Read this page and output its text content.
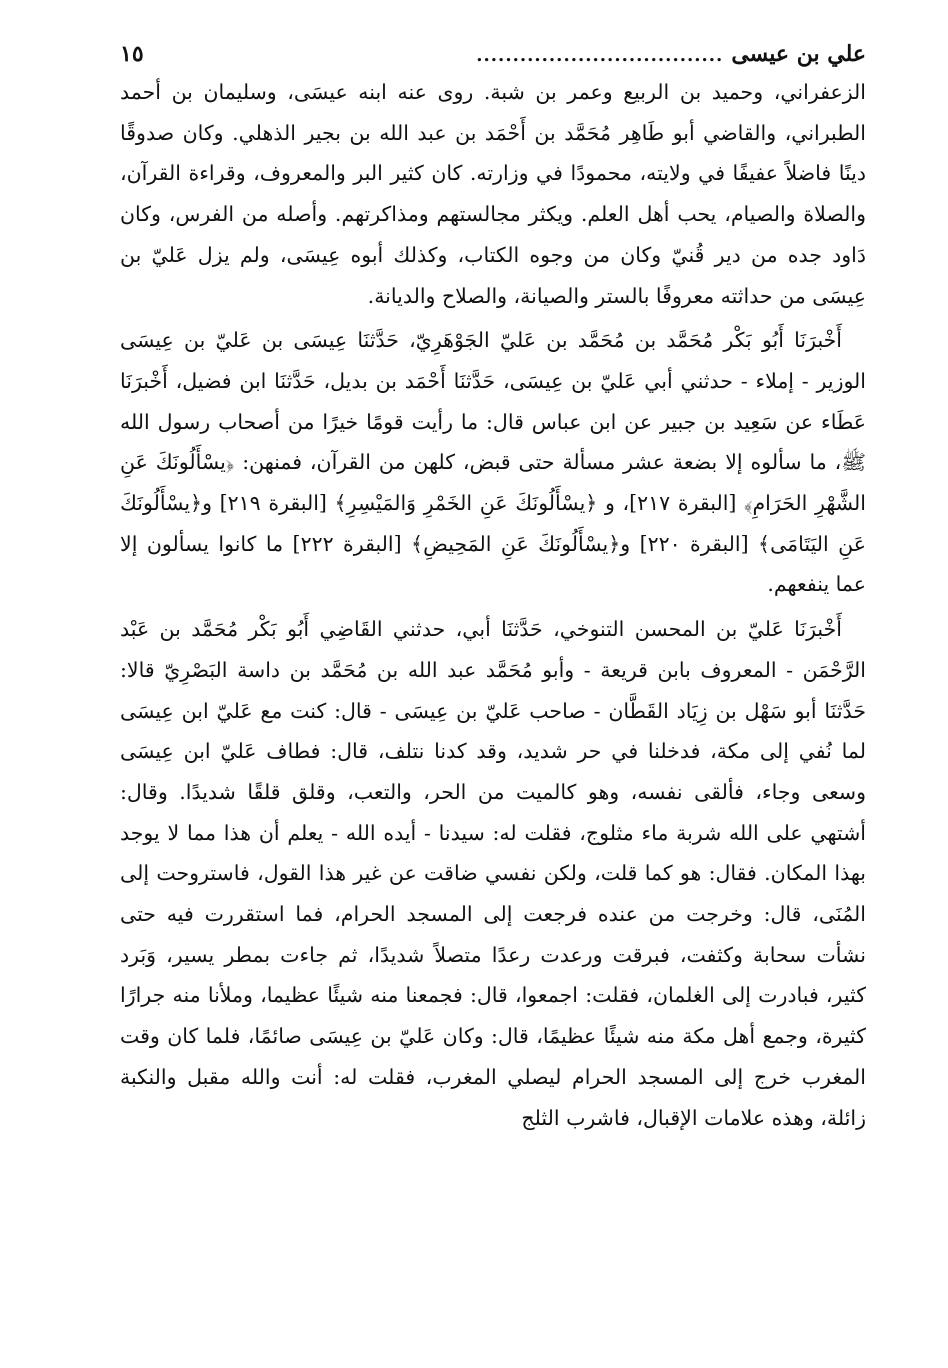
علي بن عيسى
..................................
١٥

الزعفراني، وحميد بن الربيع وعمر بن شبة. روى عنه ابنه عيسَى، وسليمان بن أحمد الطبراني، والقاضي أبو طَاهِر مُحَمَّد بن أَحْمَد بن عبد الله بن بجير الذهلي. وكان صدوقًا دينًا فاضلاً عفيفًا في ولايته، محمودًا في وزارته. كان كثير البر والمعروف، وقراءة القرآن، والصلاة والصيام، يحب أهل العلم. ويكثر مجالستهم ومذاكرتهم. وأصله من الفرس، وكان دَاود جده من دير قُنيّ وكان من وجوه الكتاب، وكذلك أبوه عِيسَى، ولم يزل عَليّ بن عِيسَى من حداثته معروفًا بالستر والصيانة، والصلاح والديانة.

أَخْبرَنَا أَبُو بَكْر مُحَمَّد بن مُحَمَّد بن عَليّ الجَوْهَرِيّ، حَدَّثنَا عِيسَى بن عَليّ بن عِيسَى الوزير - إملاء - حدثني أبي عَليّ بن عِيسَى، حَدَّثنَا أَحْمَد بن بديل، حَدَّثنَا ابن فضيل، أَخْبرَنَا عَطَاء عن سَعِيد بن جبير عن ابن عباس قال: ما رأيت قومًا خيرًا من أصحاب رسول الله ﷺ، ما سألوه إلا بضعة عشر مسألة حتى قبض، كلهن من القرآن، فمنهن: ﴿يسْأَلُونَكَ عَنِ الشَّهْرِ الحَرَامِ﴾ [البقرة ٢١٧]، و ﴿يسْأَلُونَكَ عَنِ الخَمْرِ وَالمَيْسِرِ﴾ [البقرة ٢١٩] و﴿يسْأَلُونَكَ عَنِ اليَتَامَى﴾ [البقرة ٢٢٠] و﴿يسْأَلُونَكَ عَنِ المَحِيضِ﴾ [البقرة ٢٢٢] ما كانوا يسألون إلا عما ينفعهم.

أَخْبرَنَا عَليّ بن المحسن التنوخي، حَدَّثنَا أبي، حدثني القَاضِي أَبُو بَكْر مُحَمَّد بن عَبْد الرَّحْمَن - المعروف بابن قريعة - وأبو مُحَمَّد عبد الله بن مُحَمَّد بن داسة البَصْرِيّ قالا: حَدَّثنَا أبو سَهْل بن زِيَاد القَطَّان - صاحب عَليّ بن عِيسَى - قال: كنت مع عَليّ ابن عِيسَى لما نُفي إلى مكة، فدخلنا في حر شديد، وقد كدنا نتلف، قال: فطاف عَليّ ابن عِيسَى وسعى وجاء، فألقى نفسه، وهو كالميت من الحر، والتعب، وقلق قلقًا شديدًا. وقال: أشتهي على الله شربة ماء مثلوج، فقلت له: سيدنا - أيده الله - يعلم أن هذا مما لا يوجد بهذا المكان. فقال: هو كما قلت، ولكن نفسي ضاقت عن غير هذا القول، فاستروحت إلى المُنَى، قال: وخرجت من عنده فرجعت إلى المسجد الحرام، فما استقررت فيه حتى نشأت سحابة وكثفت، فبرقت ورعدت رعدًا متصلاً شديدًا، ثم جاءت بمطر يسير، وَبَرد كثير، فبادرت إلى الغلمان، فقلت: اجمعوا، قال: فجمعنا منه شيئًا عظيما، وملأنا منه جرارًا كثيرة، وجمع أهل مكة منه شيئًا عظيمًا، قال: وكان عَليّ بن عِيسَى صائمًا، فلما كان وقت المغرب خرج إلى المسجد الحرام ليصلي المغرب، فقلت له: أنت والله مقبل والنكبة زائلة، وهذه علامات الإقبال، فاشرب الثلج
